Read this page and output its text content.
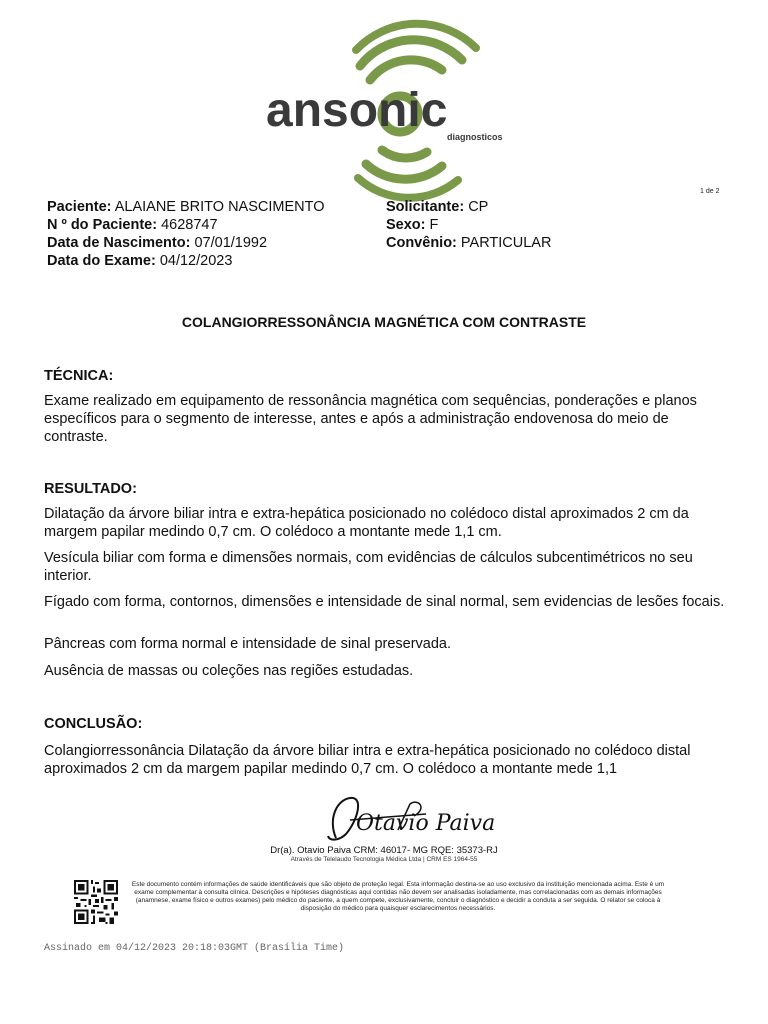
ansonic diagnosticos
1 de 2
Paciente: ALAIANE BRITO NASCIMENTO
N º do Paciente: 4628747
Data de Nascimento: 07/01/1992
Data do Exame: 04/12/2023
Solicitante: CP
Sexo: F
Convênio: PARTICULAR
COLANGIORRESSONÂNCIA MAGNÉTICA COM CONTRASTE
TÉCNICA:
Exame realizado em equipamento de ressonância magnética com sequências, ponderações e planos específicos para o segmento de interesse, antes e após a administração endovenosa do meio de contraste.
RESULTADO:
Dilatação da árvore biliar intra e extra-hepática posicionado no colédoco distal aproximados 2 cm da margem papilar medindo 0,7 cm. O colédoco a montante mede 1,1 cm.
Vesícula biliar com forma e dimensões normais, com evidências de cálculos subcentimétricos no seu interior.
Fígado com forma, contornos, dimensões e intensidade de sinal normal, sem evidencias de lesões focais.
Pâncreas com forma normal e intensidade de sinal preservada.
Ausência de massas ou coleções nas regiões estudadas.
CONCLUSÃO:
Colangiorressonância Dilatação da árvore biliar intra e extra-hepática posicionado no colédoco distal aproximados 2 cm da margem papilar medindo 0,7 cm. O colédoco a montante mede 1,1
Otavio Paiva
Dr(a). Otavio Paiva CRM: 46017- MG RQE: 35373-RJ
Através de Telelaudo Tecnologia Médica Ltda | CRM ES 1964-55
Este documento contém informações de saúde identificáveis que são objeto de proteção legal. Esta informação destina-se ao uso exclusivo da instituição mencionada acima. Este é um exame complementar à consulta clínica. Descrições e hipóteses diagnósticas aqui contidas não devem ser analisadas isoladamente, mas correlacionadas com as demais informações (anamnese, exame físico e outros exames) pelo médico do paciente, a quem compete, exclusivamente, concluir o diagnóstico e decidir a conduta a ser seguida. O relator se coloca à disposição do médico para quaisquer esclarecimentos necessários.
Assinado em 04/12/2023 20:18:03GMT (Brasília Time)
